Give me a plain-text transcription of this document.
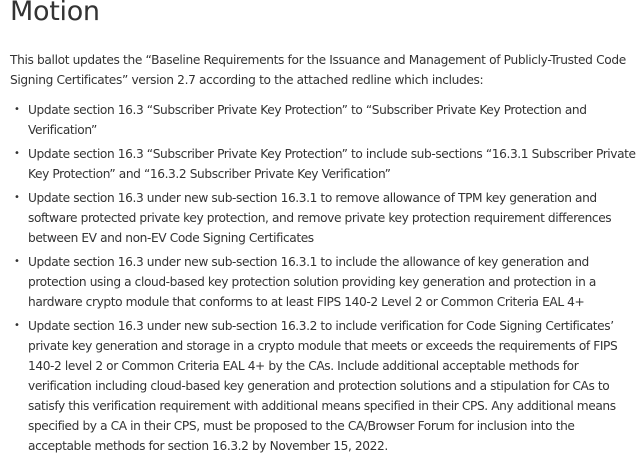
Motion

This ballot updates the “Baseline Requirements for the Issuance and Management of Publicly-Trusted Code Signing Certificates” version 2.7 according to the attached redline which includes:

• Update section 16.3 “Subscriber Private Key Protection” to “Subscriber Private Key Protection and Verification”
• Update section 16.3 “Subscriber Private Key Protection” to include sub-sections “16.3.1 Subscriber Private Key Protection” and “16.3.2 Subscriber Private Key Verification”
• Update section 16.3 under new sub-section 16.3.1 to remove allowance of TPM key generation and software protected private key protection, and remove private key protection requirement differences between EV and non-EV Code Signing Certificates
• Update section 16.3 under new sub-section 16.3.1 to include the allowance of key generation and protection using a cloud-based key protection solution providing key generation and protection in a hardware crypto module that conforms to at least FIPS 140-2 Level 2 or Common Criteria EAL 4+
• Update section 16.3 under new sub-section 16.3.2 to include verification for Code Signing Certificates’ private key generation and storage in a crypto module that meets or exceeds the requirements of FIPS 140-2 level 2 or Common Criteria EAL 4+ by the CAs. Include additional acceptable methods for verification including cloud-based key generation and protection solutions and a stipulation for CAs to satisfy this verification requirement with additional means specified in their CPS. Any additional means specified by a CA in their CPS, must be proposed to the CA/Browser Forum for inclusion into the acceptable methods for section 16.3.2 by November 15, 2022.
